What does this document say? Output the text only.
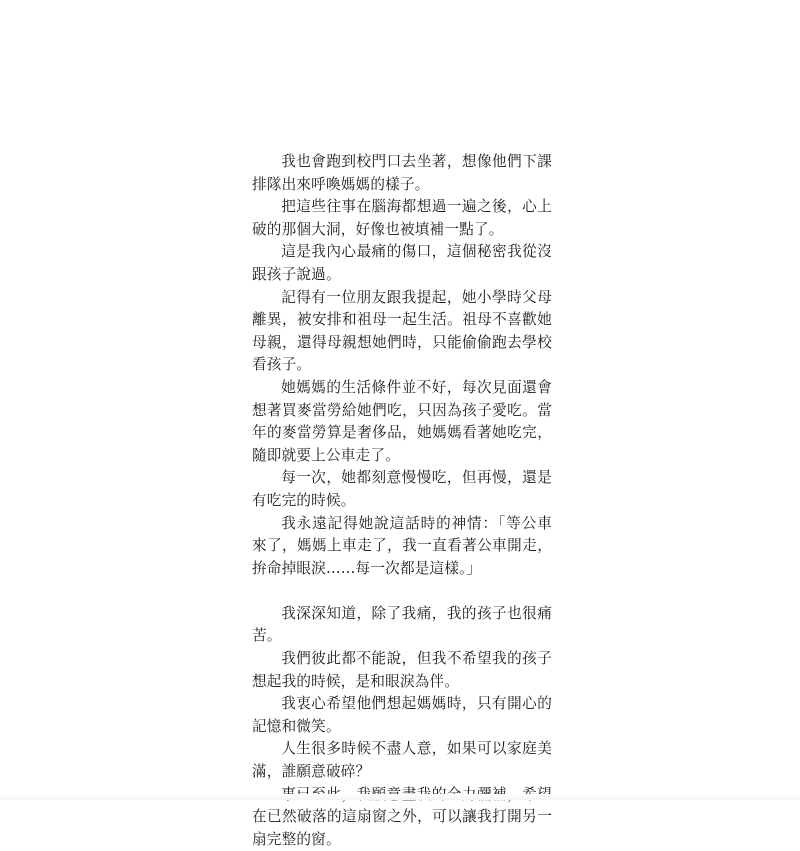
我也會跑到校門口去坐著，想像他們下課排隊出來呼喚媽媽的樣子。

把這些往事在腦海都想過一遍之後，心上破的那個大洞，好像也被填補一點了。

這是我內心最痛的傷口，這個秘密我從沒跟孩子說過。

記得有一位朋友跟我提起，她小學時父母離異，被安排和祖母一起生活。祖母不喜歡她母親，還得母親想她們時，只能偷偷跑去學校看孩子。

她媽媽的生活條件並不好，每次見面還會想著買麥當勞給她們吃，只因為孩子愛吃。當年的麥當勞算是奢侈品，她媽媽看著她吃完，隨即就要上公車走了。

每一次，她都刻意慢慢吃，但再慢，還是有吃完的時候。

我永遠記得她說這話時的神情：「等公車來了，媽媽上車走了，我一直看著公車開走，拚命掉眼淚……每一次都是這樣。」

我深深知道，除了我痛，我的孩子也很痛苦。

我們彼此都不能說，但我不希望我的孩子想起我的時候，是和眼淚為伴。

我衷心希望他們想起媽媽時，只有開心的記憶和微笑。

人生很多時候不盡人意，如果可以家庭美滿，誰願意破碎？

在已然破落的這扇窗之外，可以讓我打開另一扇完整的窗。
